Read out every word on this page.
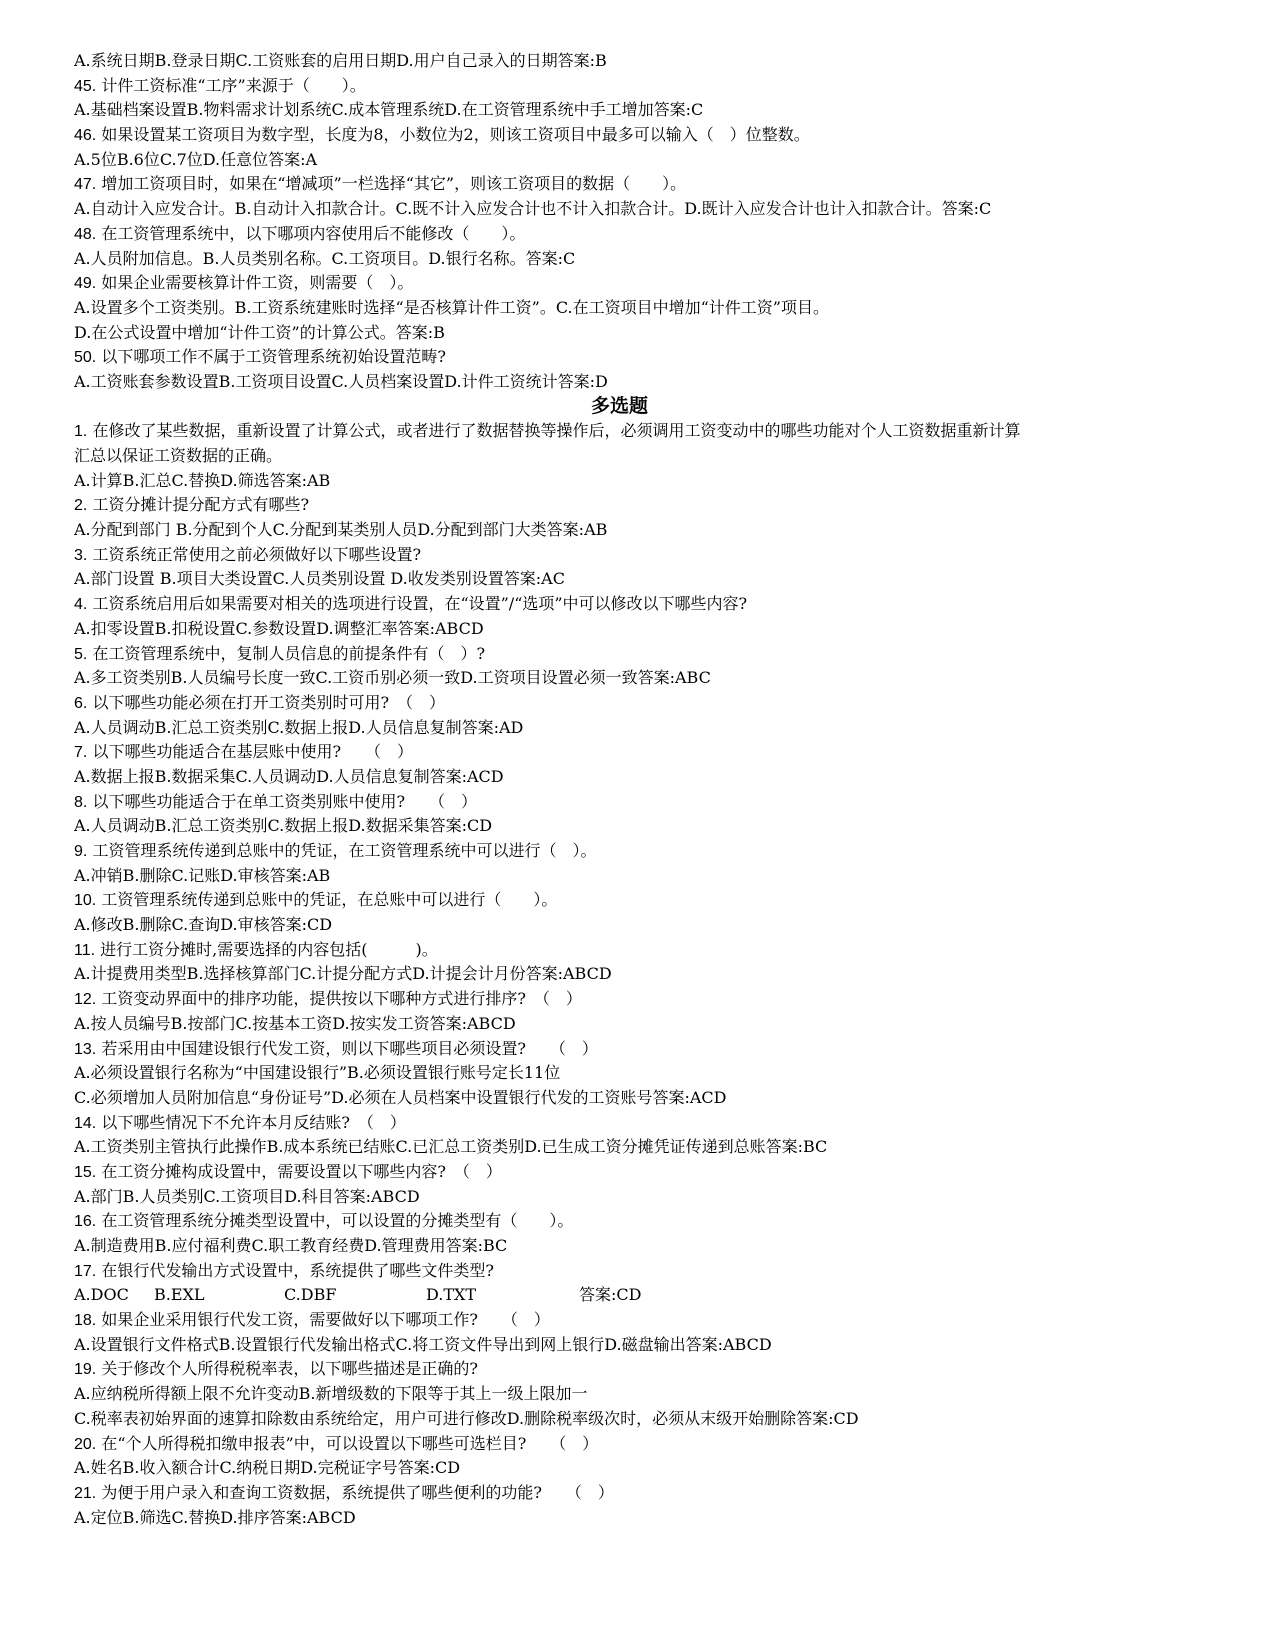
A.系统日期B.登录日期C.工资账套的启用日期D.用户自己录入的日期答案:B
45. 计件工资标准“工序”来源于（　　）。
A.基础档案设置B.物料需求计划系统C.成本管理系统D.在工资管理系统中手工增加答案:C
46. 如果设置某工资项目为数字型，长度为8，小数位为2，则该工资项目中最多可以输入（　）位整数。
A.5位B.6位C.7位D.任意位答案:A
47. 增加工资项目时，如果在“增减项”一栏选择“其它”，则该工资项目的数据（　　）。
A.自动计入应发合计。B.自动计入扣款合计。C.既不计入应发合计也不计入扣款合计。D.既计入应发合计也计入扣款合计。答案:C
48. 在工资管理系统中，以下哪项内容使用后不能修改（　　）。
A.人员附加信息。B.人员类别名称。C.工资项目。D.银行名称。答案:C
49. 如果企业需要核算计件工资，则需要（　）。
A.设置多个工资类别。B.工资系统建账时选择“是否核算计件工资”。C.在工资项目中增加“计件工资”项目。
D.在公式设置中增加“计件工资”的计算公式。答案:B
50. 以下哪项工作不属于工资管理系统初始设置范畴?
A.工资账套参数设置B.工资项目设置C.人员档案设置D.计件工资统计答案:D
多选题
1. 在修改了某些数据，重新设置了计算公式，或者进行了数据替换等操作后，必须调用工资变动中的哪些功能对个人工资数据重新计算
汇总以保证工资数据的正确。
A.计算B.汇总C.替换D.筛选答案:AB
2. 工资分摊计提分配方式有哪些?
A.分配到部门 B.分配到个人C.分配到某类别人员D.分配到部门大类答案:AB
3. 工资系统正常使用之前必须做好以下哪些设置?
A.部门设置 B.项目大类设置C.人员类别设置 D.收发类别设置答案:AC
4. 工资系统启用后如果需要对相关的选项进行设置，在“设置”/“选项”中可以修改以下哪些内容?
A.扣零设置B.扣税设置C.参数设置D.调整汇率答案:ABCD
5. 在工资管理系统中，复制人员信息的前提条件有（　）?
A.多工资类别B.人员编号长度一致C.工资币别必须一致D.工资项目设置必须一致答案:ABC
6. 以下哪些功能必须在打开工资类别时可用?　（　）
A.人员调动B.汇总工资类别C.数据上报D.人员信息复制答案:AD
7. 以下哪些功能适合在基层账中使用?　　（　）
A.数据上报B.数据采集C.人员调动D.人员信息复制答案:ACD
8. 以下哪些功能适合于在单工资类别账中使用?　　（　）
A.人员调动B.汇总工资类别C.数据上报D.数据采集答案:CD
9. 工资管理系统传递到总账中的凭证，在工资管理系统中可以进行（　）。
A.冲销B.删除C.记账D.审核答案:AB
10. 工资管理系统传递到总账中的凭证，在总账中可以进行（　　）。
A.修改B.删除C.查询D.审核答案:CD
11. 进行工资分摊时,需要选择的内容包括(　　　)。
A.计提费用类型B.选择核算部门C.计提分配方式D.计提会计月份答案:ABCD
12. 工资变动界面中的排序功能，提供按以下哪种方式进行排序?　（　）
A.按人员编号B.按部门C.按基本工资D.按实发工资答案:ABCD
13. 若采用由中国建设银行代发工资，则以下哪些项目必须设置?　　（　）
A.必须设置银行名称为“中国建设银行”B.必须设置银行账号定长11位
C.必须增加人员附加信息“身份证号”D.必须在人员档案中设置银行代发的工资账号答案:ACD
14. 以下哪些情况下不允许本月反结账?　（　）
A.工资类别主管执行此操作B.成本系统已结账C.已汇总工资类别D.已生成工资分摊凭证传递到总账答案:BC
15. 在工资分摊构成设置中，需要设置以下哪些内容?　（　）
A.部门B.人员类别C.工资项目D.科目答案:ABCD
16. 在工资管理系统分摊类型设置中，可以设置的分摊类型有（　　）。
A.制造费用B.应付福利费C.职工教育经费D.管理费用答案:BC
17. 在银行代发输出方式设置中，系统提供了哪些文件类型?
A.DOC B.EXL	C.DBF	D.TXT	答案:CD
18. 如果企业采用银行代发工资，需要做好以下哪项工作?　　（　）
A.设置银行文件格式B.设置银行代发输出格式C.将工资文件导出到网上银行D.磁盘输出答案:ABCD
19. 关于修改个人所得税税率表，以下哪些描述是正确的?
A.应纳税所得额上限不允许变动B.新增级数的下限等于其上一级上限加一
C.税率表初始界面的速算扣除数由系统给定，用户可进行修改D.删除税率级次时，必须从末级开始删除答案:CD
20. 在“个人所得税扣缴申报表”中，可以设置以下哪些可选栏目?　　（　）
A.姓名B.收入额合计C.纳税日期D.完税证字号答案:CD
21. 为便于用户录入和查询工资数据，系统提供了哪些便利的功能?　　（　）
A.定位B.筛选C.替换D.排序答案:ABCD
